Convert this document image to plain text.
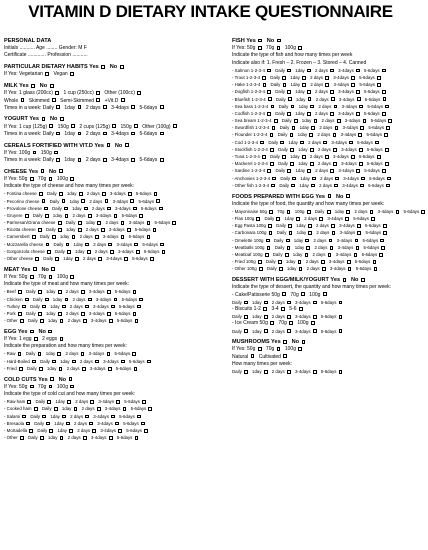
VITAMIN D DIETARY INTAKE QUESTIONNAIRE
PERSONAL DATA
Initials ........... Age ........ Gender: M F
Certificate ............. Profession ...........
PARTICULAR DIETARY HABITS Yes  No
If Yes: Vegetarian  Vegan
MILK Yes  No
If Yes: 1 glass (200cc)  1 cup (250cc)  Other (100cc)
Whole  Skimmed  Semi-Skimmed  +Vit.D
Times in a week: Daily  1day  2 days  3-4days  5-6days
YOGURT Yes  No
If Yes: 1 cup (125g)  150g  2 cups (125g)  150g  Other (100g)
Times in a week: Daily  1day  2 days  3-4days  5-6days
CEREALS FORTIFIED WITH VIT.D Yes  No
If Yes: 100g  150g
Times in a week: Daily  1day  2 days  3-4days  5-6days
CHEESE Yes  No
If Yes: 50g  70g  100g
Indicate the type of cheese and how many times per week:
- Fontina cheese  Daily  1day  2 days  3-4days  5-6days
- Pecorino cheese  Daily  1day  2 days  3-4days  5-6days
- Provolone cheese  Daily  1day  2 days  3-4days  5-6days
- Gruyere  Daily  1day  2 days  3-4days  5-6days
- Parmesan/Grana cheese  Daily  1day  2 days  3-4days  5-6days
- Ricotta cheese  Daily  1day  2 days  3-4days  5-6days
- Camembert  Daily  1day  2 days  3-4days  5-6days
- Mozzarella cheese  Daily  1day  2 days  3-4days  5-6days
- Gorgonzola cheese  Daily  1day  2 days  3-4days  5-6days
- Other cheese  Daily  1day  2 days  3-4days  5-6days
MEAT Yes  No
If Yes: 50g  70g  100g
Indicate the type of meat and how many times per week:
- Beef  Daily  1day  2 days  3-4days  5-6days
- Chicken  Daily  1day  2 days  3-4days  5-6days
- Turkey  Daily  1day  2 days  3-4days  5-6days
- Pork  Daily  1day  2 days  3-4days  5-6days
- Other  Daily  1day  2 days  3-4days  5-6days
EGG Yes  No
If Yes: 1 egg  2 eggs
Indicate the preparation and how many times per week:
- Raw  Daily  1day  2 days  3-4days  5-6days
- Hard-Boiled  Daily  1day  2 days  3-4days  5-6days
- Fried  Daily  1day  2 days  3-4days  5-6days
COLD CUTS Yes  No
If Yes: 50g  70g  100g
Indicate the type of cold cut and how many times per week:
- Raw ham  Daily  1day  2 days  3-4days  5-6days
- Cooked ham  Daily  1day  2 days  3-4days  5-6days
- Salami  Daily  1day  2 days  3-4days  5-6days
- Bresaola  Daily  1day  2 days  3-4days  5-6days
- Mortadella  Daily  1day  2 days  3-4days  5-6days
- Other  Daily  1day  2 days  3-4days  5-6days
FISH Yes  No
If Yes: 50g  70g  100g
Indicate the type of fish and how many times per week
Indicate also if: 1. Fresh – 2. Frozen – 3. Stored – 4. Canned
- Salmon 1-2-3-4  Daily  1day  2 days  3-4days  5-6days
- Trout 1-2-3-4  Daily  1day  2 days  3-4days  5-6days
- Hake 1-2-3-4  Daily  1day  2 days  3-4days  5-6days
- Dogfish 1-2-3-4  Daily  1day  2 days  3-4days  5-6days
- Bluefish 1-2-3-4  Daily  1day  2 days  3-4days  5-6days
- Sea bass 1-2-3-4  Daily  1day  2 days  3-4days  5-6days
- Codfish 1-2-3-4  Daily  1day  2 days  3-4days  5-6days
- Sea bream 1-2-3-4  Daily  1day  2 days  3-4days  5-6days
- Swordfish 1-2-3-4  Daily  1day  2 days  3-4days  5-6days
- Flounder 1-2-3-4  Daily  1day  2 days  3-4days  5-6days
- Cod 1-2-3-4  Daily  1day  2 days  3-4days  5-6days
- Stockfish 1-2-3-4  Daily  1day  2 days  3-4days  5-6days
- Tuna 1-2-3-4  Daily  1day  2 days  3-4days  5-6days
- Mackerel 1-2-3-4  Daily  1day  2 days  3-4days  5-6days
- Sardine 1-2-3-4  Daily  1day  2 days  3-4days  5-6days
- Anchovies 1-2-3-4  Daily  1day  2 days  3-4days  5-6days
- Other fish 1-2-3-4  Daily  1day  2 days  3-4days  5-6days
FOODS PREPARED WITH EGG Yes  No
Indicate the type of food, the quantity and how many times per week:
- Mayonnaise 50g  70g  100g  Daily  1day  2 days  3-4days  5-6days
- Flan 100g  Daily  1day  2 days  3-4days  5-6days
- Egg Pasta 100g  Daily  1day  2 days  3-4days  5-6days
- Carbonara 100g  Daily  1day  2 days  3-4days  5-6days
- Omelette 100g  Daily  1day  2 days  3-4days  5-6days
- Meatballs 100g  Daily  1day  2 days  3-4days  5-6days
- Meatloaf 100g  Daily  1day  2 days  3-4days  5-6days
- Fried 100g  Daily  1day  2 days  3-4days  5-6days
- Other 100g  Daily  1day  2 days  3-4days  5-6days
DESSERT WITH EGG/MILK/YOGURT Yes  No
Indicate the type of dessert, the quantity and how many times per week:
- Cake/Patisserie 50g  70g  100g
Daily  1day  2 days  3-4days  5-6days
- Biscuits 1-2  3-4  5-6
Daily  1day  2 days  3-4days  5-6days
- Ice Cream 50g  70g  100g
Daily  1day  2 days  3-4days  5-6days
MUSHROOMS Yes  No
If Yes: 50g  70g  100g
Natural  Cultivated
How many times per week:
Daily  1day  2 days  3-4days  5-6days
